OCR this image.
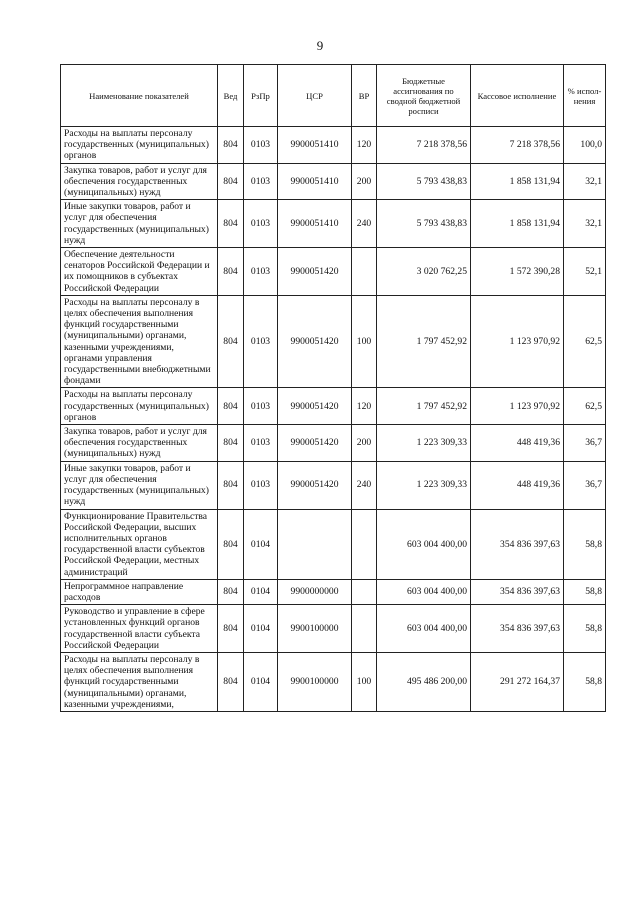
9
Наименование показателей	Вед	РзПр	ЦСР	ВР	Бюджетные ассигнования по сводной бюджетной росписи	Кассовое исполнение	% испол-нения
Расходы на выплаты персоналу государственных (муниципальных) органов	804	0103	9900051410	120	7 218 378,56	7 218 378,56	100,0
Закупка товаров, работ и услуг для обеспечения государственных (муниципальных) нужд	804	0103	9900051410	200	5 793 438,83	1 858 131,94	32,1
Иные закупки товаров, работ и услуг для обеспечения государственных (муниципальных) нужд	804	0103	9900051410	240	5 793 438,83	1 858 131,94	32,1
Обеспечение деятельности сенаторов Российской Федерации и их помощников в субъектах Российской Федерации	804	0103	9900051420		3 020 762,25	1 572 390,28	52,1
Расходы на выплаты персоналу в целях обеспечения выполнения функций государственными (муниципальными) органами, казенными учреждениями, органами управления государственными внебюджетными фондами	804	0103	9900051420	100	1 797 452,92	1 123 970,92	62,5
Расходы на выплаты персоналу государственных (муниципальных) органов	804	0103	9900051420	120	1 797 452,92	1 123 970,92	62,5
Закупка товаров, работ и услуг для обеспечения государственных (муниципальных) нужд	804	0103	9900051420	200	1 223 309,33	448 419,36	36,7
Иные закупки товаров, работ и услуг для обеспечения государственных (муниципальных) нужд	804	0103	9900051420	240	1 223 309,33	448 419,36	36,7
Функционирование Правительства Российской Федерации, высших исполнительных органов государственной власти субъектов Российской Федерации, местных администраций	804	0104			603 004 400,00	354 836 397,63	58,8
Непрограммное направление расходов	804	0104	9900000000		603 004 400,00	354 836 397,63	58,8
Руководство и управление в сфере установленных функций органов государственной власти субъекта Российской Федерации	804	0104	9900100000		603 004 400,00	354 836 397,63	58,8
Расходы на выплаты персоналу в целях обеспечения выполнения функций государственными (муниципальными) органами, казенными учреждениями,	804	0104	9900100000	100	495 486 200,00	291 272 164,37	58,8
